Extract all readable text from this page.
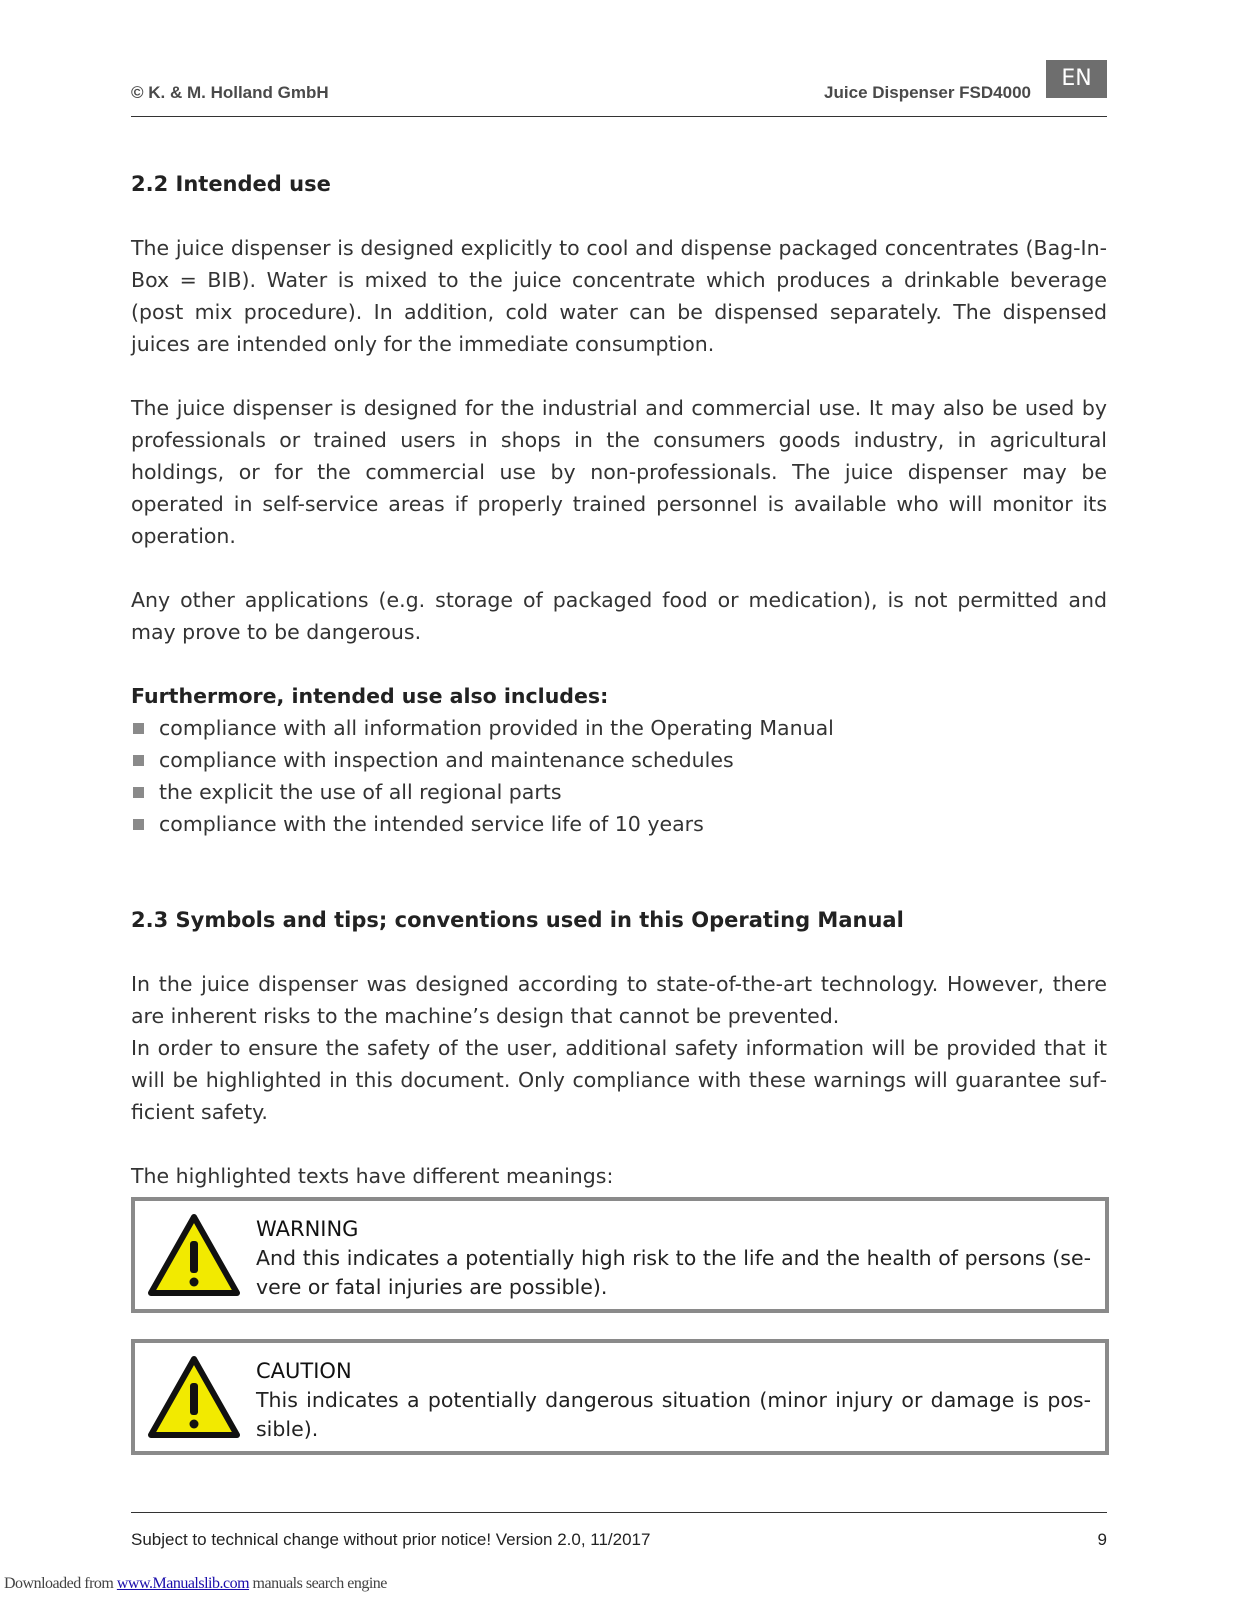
© K. & M. Holland GmbH	Juice Dispenser FSD4000
EN
2.2 Intended use

The juice dispenser is designed explicitly to cool and dispense packaged concentrates (Bag-In-Box = BIB). Water is mixed to the juice concentrate which produces a drinkable beverage (post mix procedure). In addition, cold water can be dispensed separately. The dispensed juices are intended only for the immediate consumption.

The juice dispenser is designed for the industrial and commercial use. It may also be used by professionals or trained users in shops in the consumers goods industry, in agricultural holdings, or for the commercial use by non-professionals. The juice dispenser may be operated in self-service areas if properly trained personnel is available who will monitor its operation.

Any other applications (e.g. storage of packaged food or medication), is not permitted and may prove to be dangerous.

Furthermore, intended use also includes:
compliance with all information provided in the Operating Manual
compliance with inspection and maintenance schedules
the explicit the use of all regional parts
compliance with the intended service life of 10 years
2.3 Symbols and tips; conventions used in this Operating Manual

In the juice dispenser was designed according to state-of-the-art technology. However, there are inherent risks to the machine’s design that cannot be prevented.

In order to ensure the safety of the user, additional safety information will be provided that it will be highlighted in this document. Only compliance with these warnings will guarantee sufficient safety.

The highlighted texts have different meanings:

WARNING
And this indicates a potentially high risk to the life and the health of persons (severe or fatal injuries are possible).
CAUTION
This indicates a potentially dangerous situation (minor injury or damage is possible).
Subject to technical change without prior notice! Version 2.0, 11/2017	9
Downloaded from www.Manualslib.com manuals search engine
